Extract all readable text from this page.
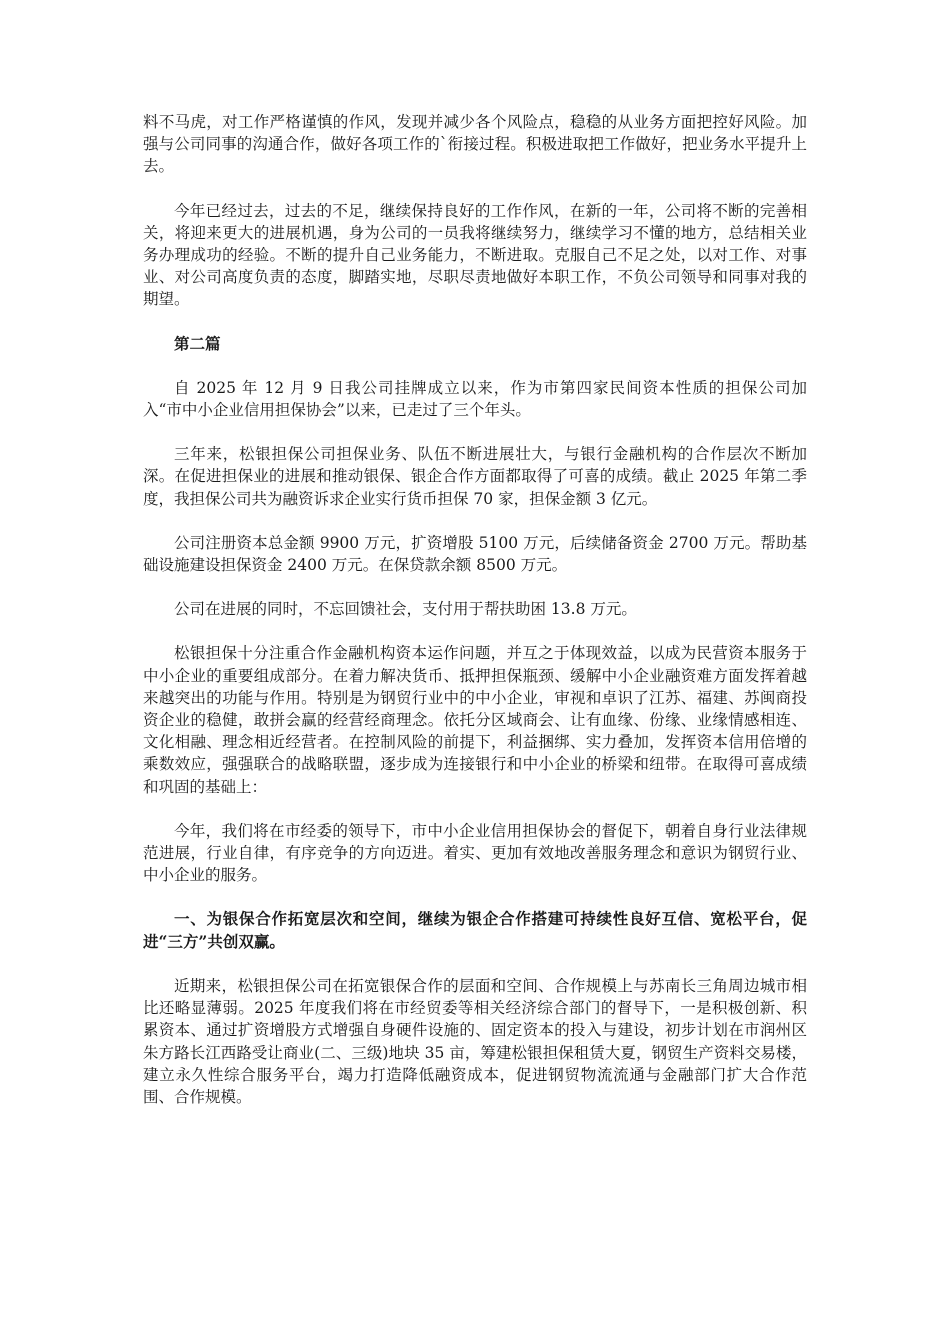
料不马虎，对工作严格谨慎的作风，发现并减少各个风险点，稳稳的从业务方面把控好风险。加强与公司同事的沟通合作，做好各项工作的`衔接过程。积极进取把工作做好，把业务水平提升上去。

今年已经过去，过去的不足，继续保持良好的工作作风，在新的一年，公司将不断的完善相关，将迎来更大的进展机遇，身为公司的一员我将继续努力，继续学习不懂的地方，总结相关业务办理成功的经验。不断的提升自己业务能力，不断进取。克服自己不足之处，以对工作、对事业、对公司高度负责的态度，脚踏实地，尽职尽责地做好本职工作，不负公司领导和同事对我的期望。

第二篇

自 2025 年 12 月 9 日我公司挂牌成立以来，作为市第四家民间资本性质的担保公司加入“市中小企业信用担保协会”以来，已走过了三个年头。

三年来，松银担保公司担保业务、队伍不断进展壮大，与银行金融机构的合作层次不断加深。在促进担保业的进展和推动银保、银企合作方面都取得了可喜的成绩。截止 2025 年第二季度，我担保公司共为融资诉求企业实行货币担保 70 家，担保金额 3 亿元。

公司注册资本总金额 9900 万元，扩资增股 5100 万元，后续储备资金 2700 万元。帮助基础设施建设担保资金 2400 万元。在保贷款余额 8500 万元。

公司在进展的同时，不忘回馈社会，支付用于帮扶助困 13.8 万元。

松银担保十分注重合作金融机构资本运作问题，并互之于体现效益，以成为民营资本服务于中小企业的重要组成部分。在着力解决货币、抵押担保瓶颈、缓解中小企业融资难方面发挥着越来越突出的功能与作用。特别是为钢贸行业中的中小企业，审视和卓识了江苏、福建、苏闽商投资企业的稳健，敢拼会赢的经营经商理念。依托分区域商会、让有血缘、份缘、业缘情感相连、文化相融、理念相近经营者。在控制风险的前提下，利益捆绑、实力叠加，发挥资本信用倍增的乘数效应，强强联合的战略联盟，逐步成为连接银行和中小企业的桥梁和纽带。在取得可喜成绩和巩固的基础上：

今年，我们将在市经委的领导下，市中小企业信用担保协会的督促下，朝着自身行业法律规范进展，行业自律，有序竞争的方向迈进。着实、更加有效地改善服务理念和意识为钢贸行业、中小企业的服务。

一、为银保合作拓宽层次和空间，继续为银企合作搭建可持续性良好互信、宽松平台，促进“三方”共创双赢。

近期来，松银担保公司在拓宽银保合作的层面和空间、合作规模上与苏南长三角周边城市相比还略显薄弱。2025 年度我们将在市经贸委等相关经济综合部门的督导下，一是积极创新、积累资本、通过扩资增股方式增强自身硬件设施的、固定资本的投入与建设，初步计划在市润州区朱方路长江西路受让商业(二、三级)地块 35 亩，筹建松银担保租赁大夏，钢贸生产资料交易楼，建立永久性综合服务平台，竭力打造降低融资成本，促进钢贸物流流通与金融部门扩大合作范围、合作规模。
